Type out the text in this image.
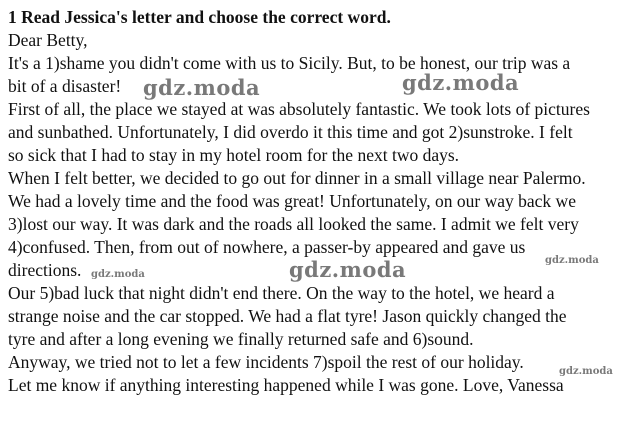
1 Read Jessica's letter and choose the correct word.
Dear Betty,
It's a 1)shame you didn't come with us to Sicily. But, to be honest, our trip was a
bit of a disaster!
First of all, the place we stayed at was absolutely fantastic. We took lots of pictures
and sunbathed. Unfortunately, I did overdo it this time and got 2)sunstroke. I felt
so sick that I had to stay in my hotel room for the next two days.
When I felt better, we decided to go out for dinner in a small village near Palermo.
We had a lovely time and the food was great! Unfortunately, on our way back we
3)lost our way. It was dark and the roads all looked the same. I admit we felt very
4)confused. Then, from out of nowhere, a passer-by appeared and gave us
directions.
Our 5)bad luck that night didn't end there. On the way to the hotel, we heard a
strange noise and the car stopped. We had a flat tyre! Jason quickly changed the
tyre and after a long evening we finally returned safe and 6)sound.
Anyway, we tried not to let a few incidents 7)spoil the rest of our holiday.
Let me know if anything interesting happened while I was gone. Love, Vanessa
gdz.moda	gdz.moda
gdz.moda
gdz.moda
gdz.moda
gdz.moda
